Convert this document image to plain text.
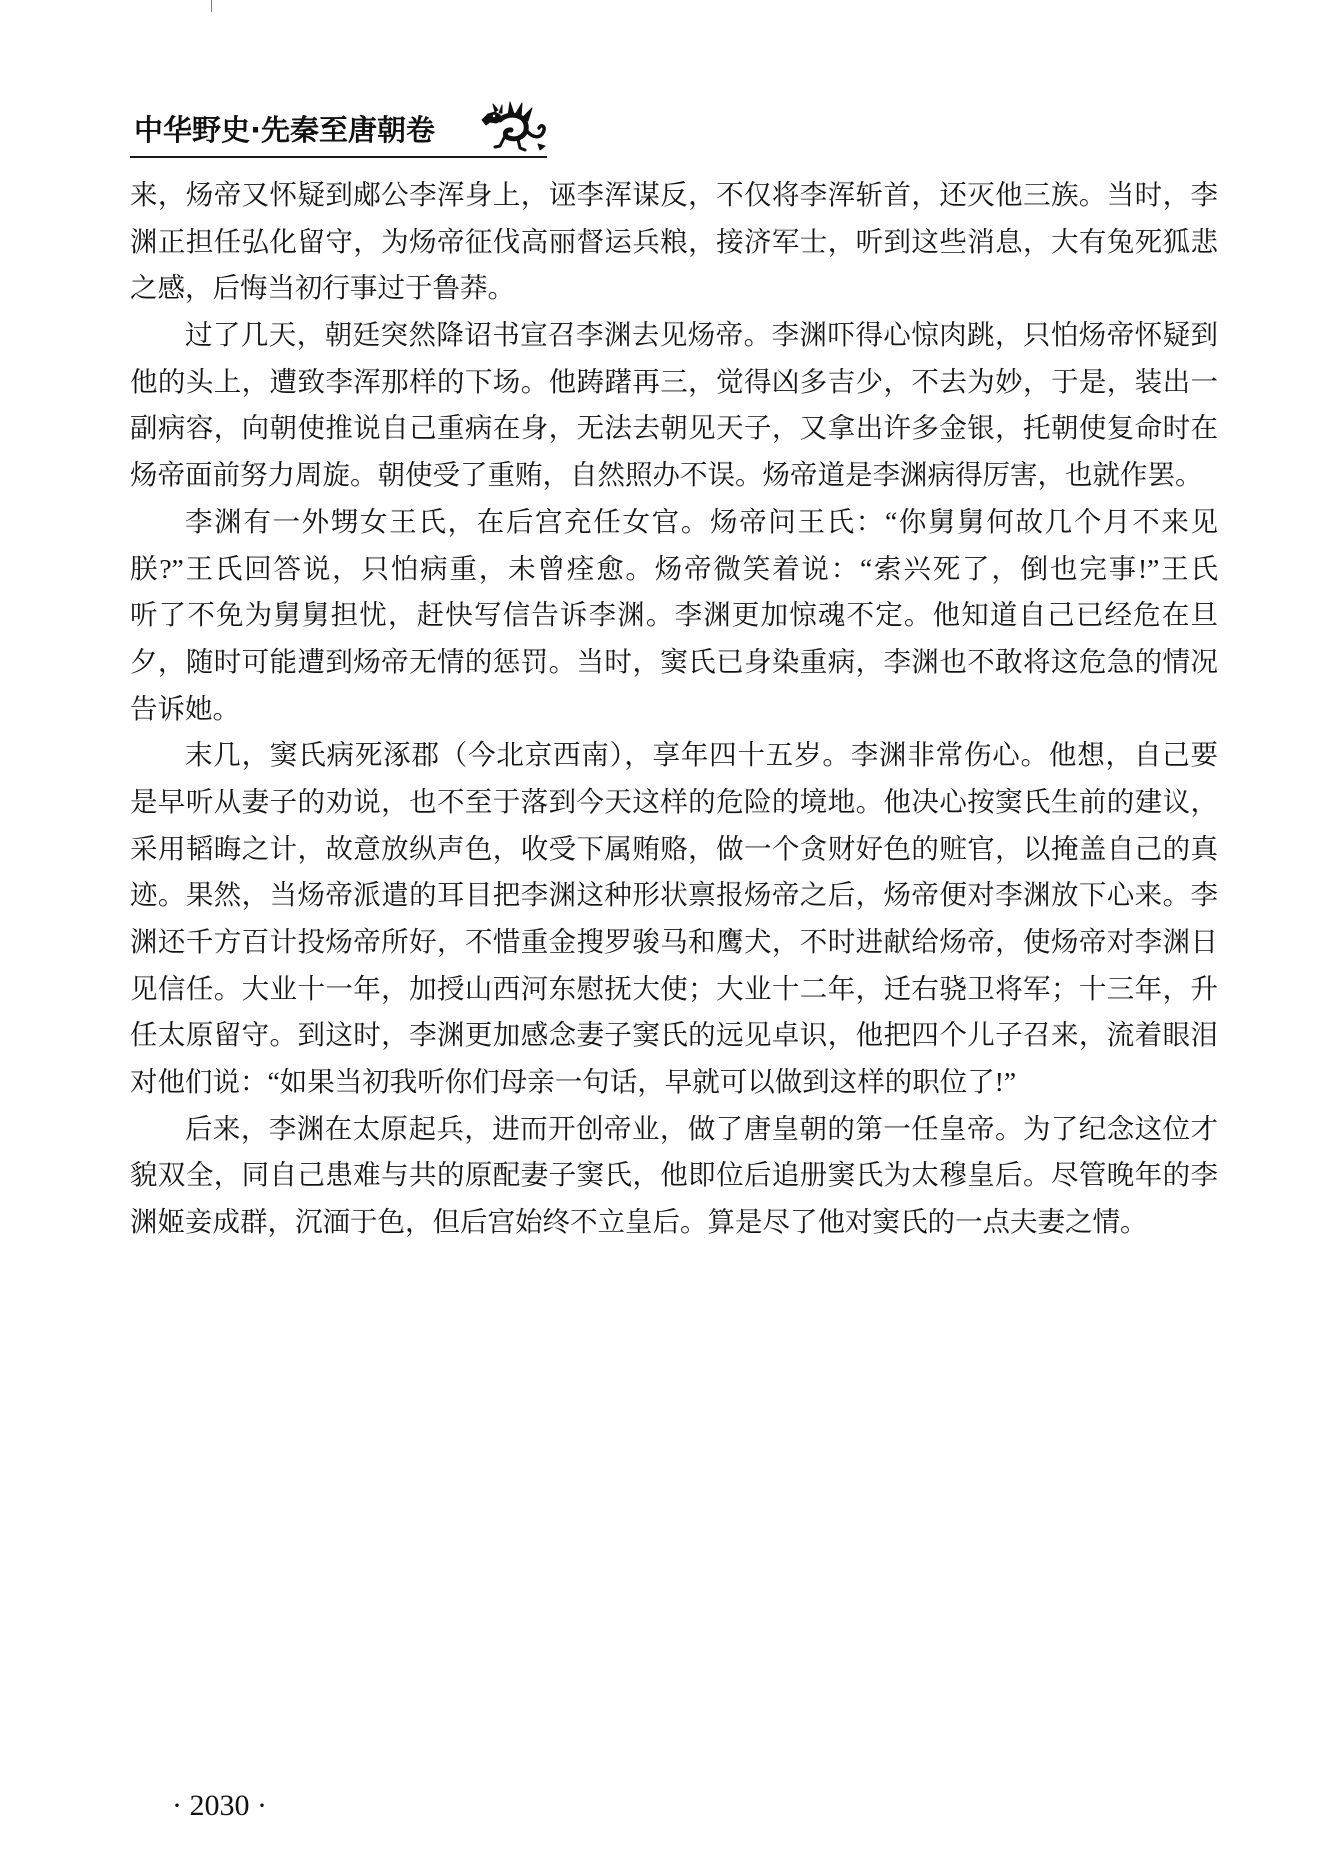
中华野史·先秦至唐朝卷
来，炀帝又怀疑到郕公李浑身上，诬李浑谋反，不仅将李浑斩首，还灭他三族。当时，李
渊正担任弘化留守，为炀帝征伐高丽督运兵粮，接济军士，听到这些消息，大有兔死狐悲
之感，后悔当初行事过于鲁莽。
过了几天，朝廷突然降诏书宣召李渊去见炀帝。李渊吓得心惊肉跳，只怕炀帝怀疑到
他的头上，遭致李浑那样的下场。他踌躇再三，觉得凶多吉少，不去为妙，于是，装出一
副病容，向朝使推说自己重病在身，无法去朝见天子，又拿出许多金银，托朝使复命时在
炀帝面前努力周旋。朝使受了重贿，自然照办不误。炀帝道是李渊病得厉害，也就作罢。
李渊有一外甥女王氏，在后宫充任女官。炀帝问王氏：“你舅舅何故几个月不来见
朕?”王氏回答说，只怕病重，未曾痊愈。炀帝微笑着说：“索兴死了，倒也完事!”王氏
听了不免为舅舅担忧，赶快写信告诉李渊。李渊更加惊魂不定。他知道自己已经危在旦
夕，随时可能遭到炀帝无情的惩罚。当时，窦氏已身染重病，李渊也不敢将这危急的情况
告诉她。
末几，窦氏病死涿郡（今北京西南），享年四十五岁。李渊非常伤心。他想，自己要
是早听从妻子的劝说，也不至于落到今天这样的危险的境地。他决心按窦氏生前的建议，
采用韬晦之计，故意放纵声色，收受下属贿赂，做一个贪财好色的赃官，以掩盖自己的真
迹。果然，当炀帝派遣的耳目把李渊这种形状禀报炀帝之后，炀帝便对李渊放下心来。李
渊还千方百计投炀帝所好，不惜重金搜罗骏马和鹰犬，不时进献给炀帝，使炀帝对李渊日
见信任。大业十一年，加授山西河东慰抚大使；大业十二年，迁右骁卫将军；十三年，升
任太原留守。到这时，李渊更加感念妻子窦氏的远见卓识，他把四个儿子召来，流着眼泪
对他们说：“如果当初我听你们母亲一句话，早就可以做到这样的职位了!”
后来，李渊在太原起兵，进而开创帝业，做了唐皇朝的第一任皇帝。为了纪念这位才
貌双全，同自己患难与共的原配妻子窦氏，他即位后追册窦氏为太穆皇后。尽管晚年的李
渊姬妾成群，沉湎于色，但后宫始终不立皇后。算是尽了他对窦氏的一点夫妻之情。
· 2030 ·
